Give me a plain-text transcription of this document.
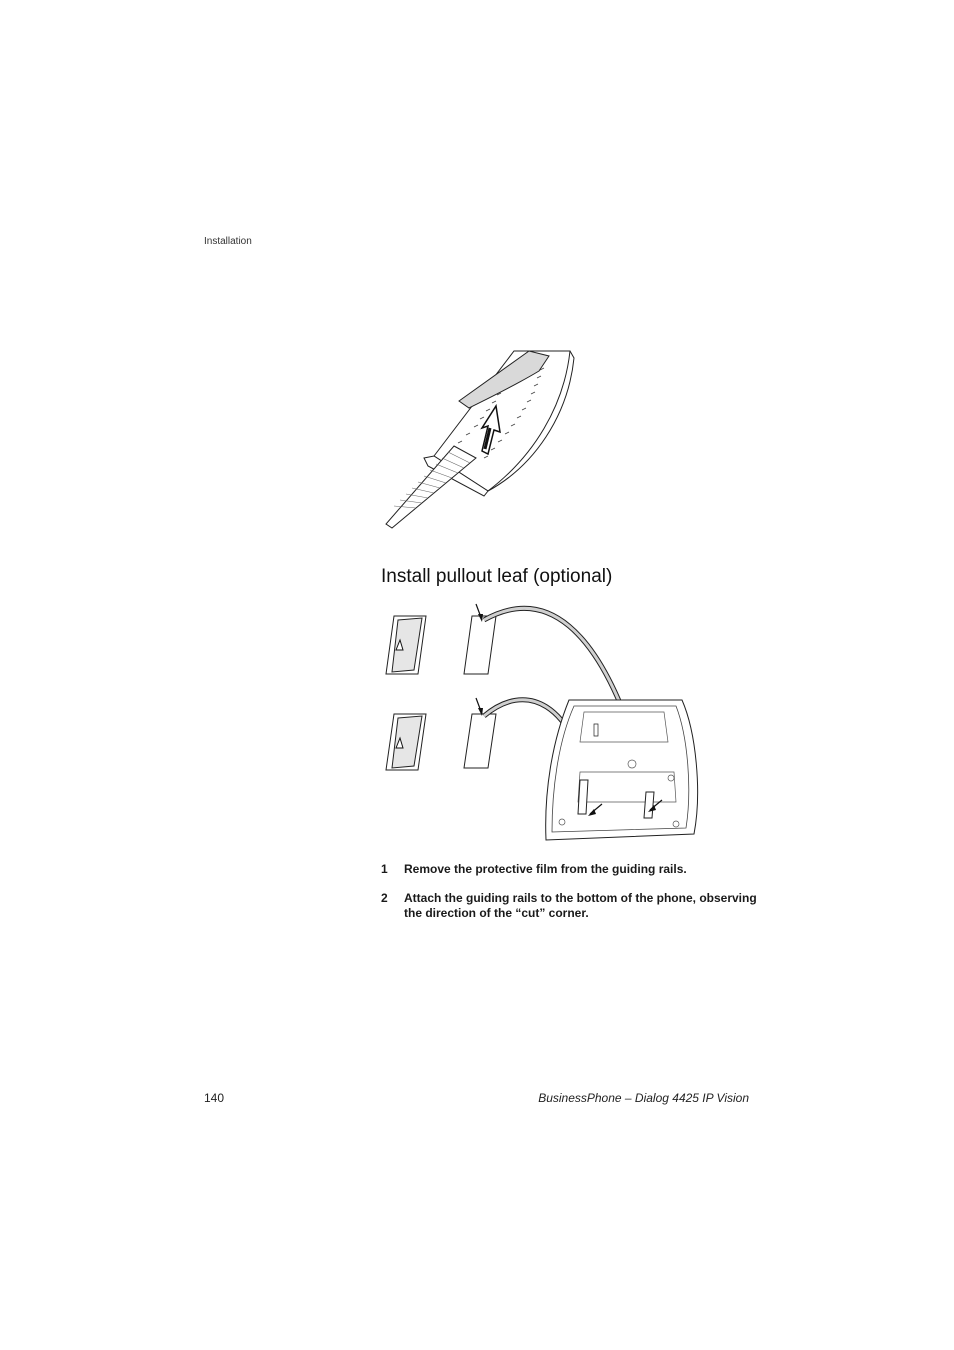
Installation
Install pullout leaf (optional)
1	Remove the protective film from the guiding rails.
2	Attach the guiding rails to the bottom of the phone, observing the direction of the “cut” corner.
140	BusinessPhone – Dialog 4425 IP Vision
